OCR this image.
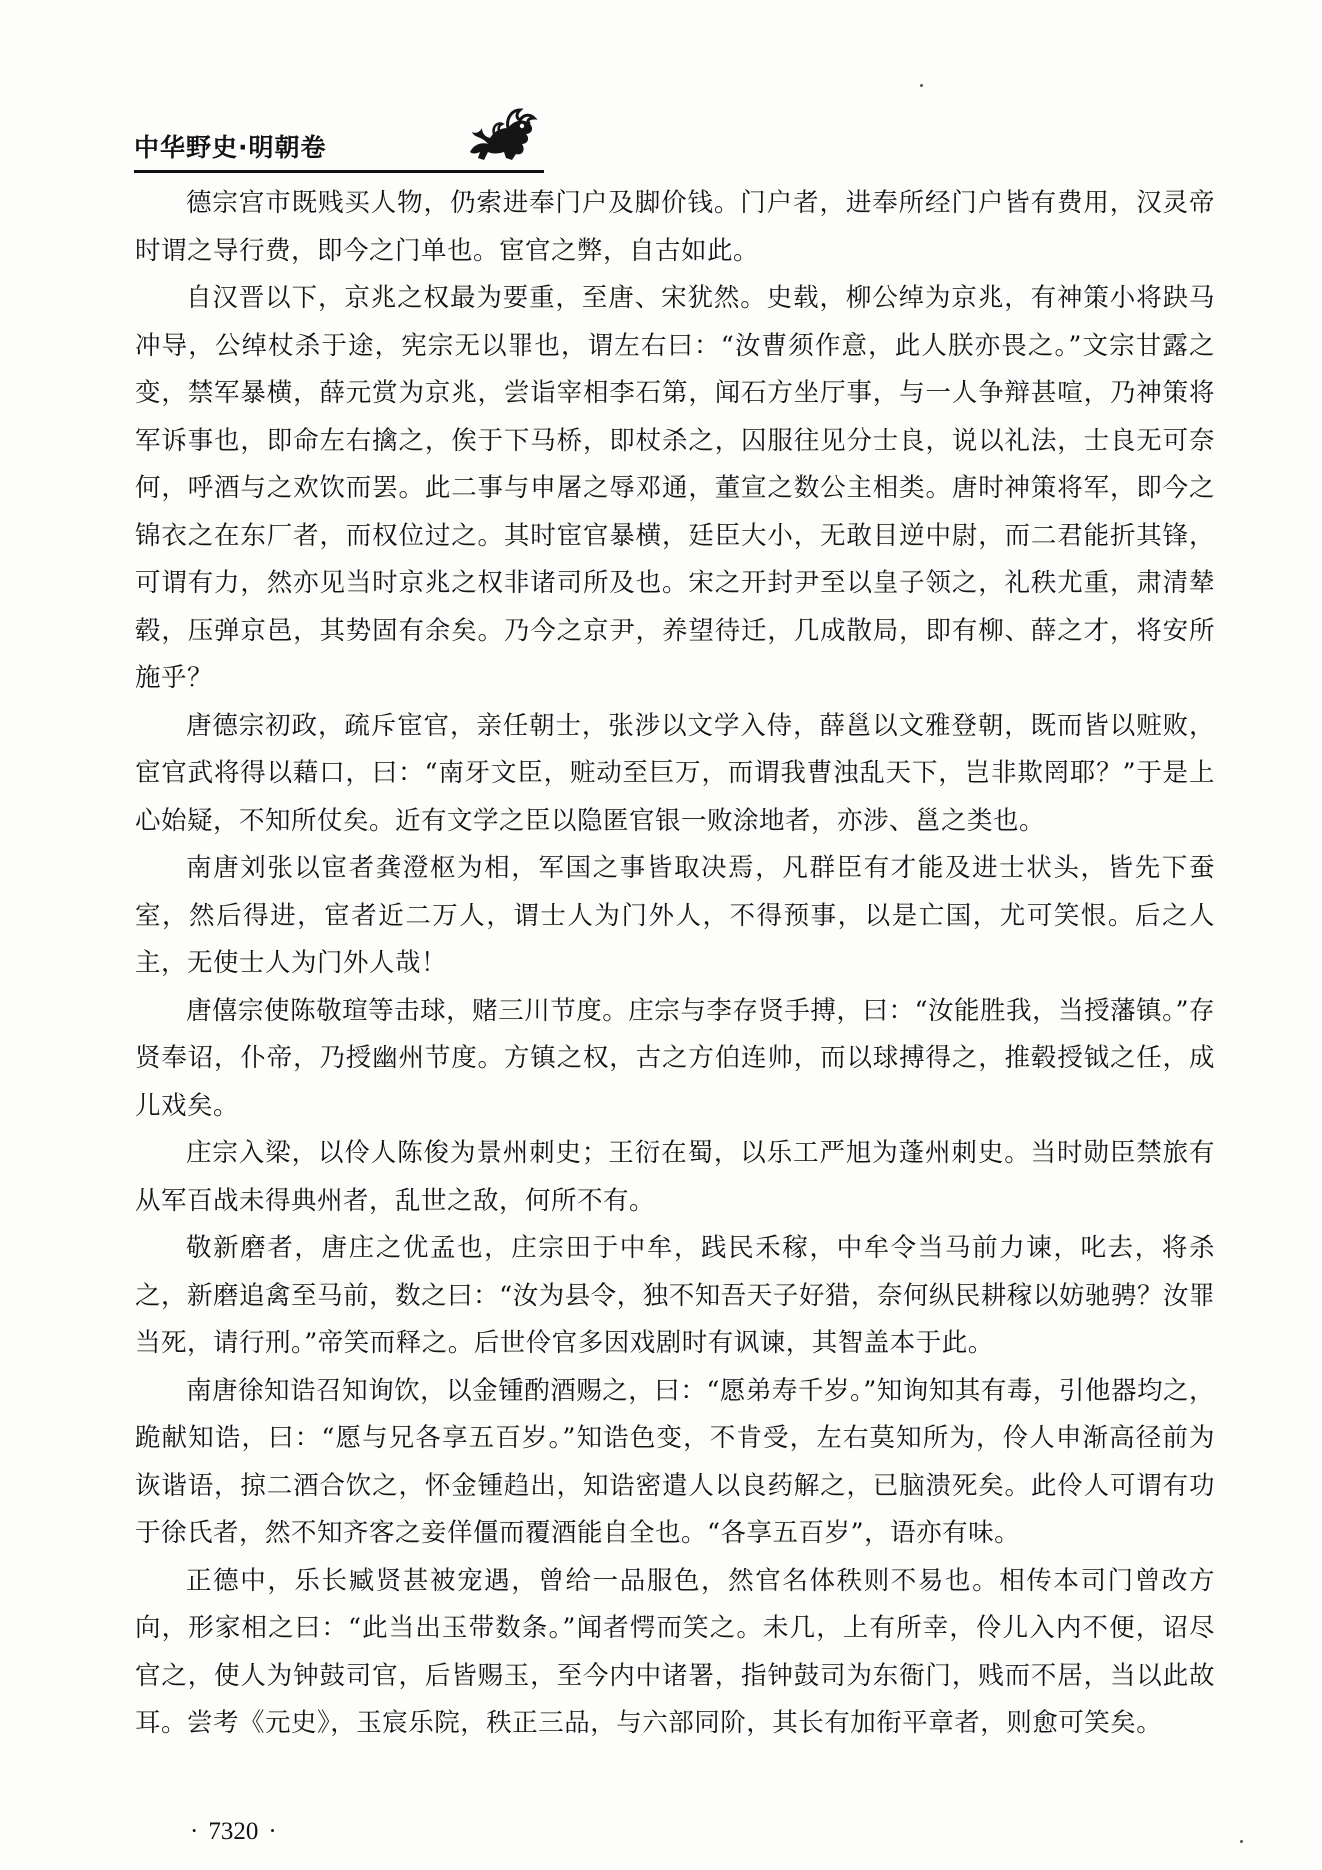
中华野史·明朝卷

德宗宫市既贱买人物，仍索进奉门户及脚价钱。门户者，进奉所经门户皆有费用，汉灵帝时谓之导行费，即今之门单也。宦官之弊，自古如此。

自汉晋以下，京兆之权最为要重，至唐、宋犹然。史载，柳公绰为京兆，有神策小将趹马冲导，公绰杖杀于途，宪宗无以罪也，谓左右曰：“汝曹须作意，此人朕亦畏之。”文宗甘露之变，禁军暴横，薛元赏为京兆，尝诣宰相李石第，闻石方坐厅事，与一人争辩甚喧，乃神策将军诉事也，即命左右擒之，俟于下马桥，即杖杀之，囚服往见分士良，说以礼法，士良无可奈何，呼酒与之欢饮而罢。此二事与申屠之辱邓通，董宣之数公主相类。唐时神策将军，即今之锦衣之在东厂者，而权位过之。其时宦官暴横，廷臣大小，无敢目逆中尉，而二君能折其锋，可谓有力，然亦见当时京兆之权非诸司所及也。宋之开封尹至以皇子领之，礼秩尤重，肃清辇毂，压弹京邑，其势固有余矣。乃今之京尹，养望待迁，几成散局，即有柳、薛之才，将安所施乎？

唐德宗初政，疏斥宦官，亲任朝士，张涉以文学入侍，薛邕以文雅登朝，既而皆以赃败，宦官武将得以藉口，曰：“南牙文臣，赃动至巨万，而谓我曹浊乱天下，岂非欺罔耶？”于是上心始疑，不知所仗矣。近有文学之臣以隐匿官银一败涂地者，亦涉、邕之类也。

南唐刘张以宦者龚澄枢为相，军国之事皆取决焉，凡群臣有才能及进士状头，皆先下蚕室，然后得进，宦者近二万人，谓士人为门外人，不得预事，以是亡国，尤可笑恨。后之人主，无使士人为门外人哉！

唐僖宗使陈敬瑄等击球，赌三川节度。庄宗与李存贤手搏，曰：“汝能胜我，当授藩镇。”存贤奉诏，仆帝，乃授幽州节度。方镇之权，古之方伯连帅，而以球搏得之，推毂授钺之任，成儿戏矣。

庄宗入梁，以伶人陈俊为景州刺史；王衍在蜀，以乐工严旭为蓬州刺史。当时勋臣禁旅有从军百战未得典州者，乱世之敌，何所不有。

敬新磨者，唐庄之优孟也，庄宗田于中牟，践民禾稼，中牟令当马前力谏，叱去，将杀之，新磨追禽至马前，数之曰：“汝为县令，独不知吾天子好猎，奈何纵民耕稼以妨驰骋？汝罪当死，请行刑。”帝笑而释之。后世伶官多因戏剧时有讽谏，其智盖本于此。

南唐徐知诰召知询饮，以金锺酌酒赐之，曰：“愿弟寿千岁。”知询知其有毒，引他器均之，跪献知诰，曰：“愿与兄各享五百岁。”知诰色变，不肯受，左右莫知所为，伶人申渐高径前为诙谐语，掠二酒合饮之，怀金锺趋出，知诰密遣人以良药解之，已脑溃死矣。此伶人可谓有功于徐氏者，然不知齐客之妾佯僵而覆酒能自全也。“各享五百岁”，语亦有味。

正德中，乐长臧贤甚被宠遇，曾给一品服色，然官名体秩则不易也。相传本司门曾改方向，形家相之曰：“此当出玉带数条。”闻者愕而笑之。未几，上有所幸，伶儿入内不便，诏尽官之，使人为钟鼓司官，后皆赐玉，至今内中诸署，指钟鼓司为东衙门，贱而不居，当以此故耳。尝考《元史》，玉宸乐院，秩正三品，与六部同阶，其长有加衔平章者，则愈可笑矣。

· 7320 ·
